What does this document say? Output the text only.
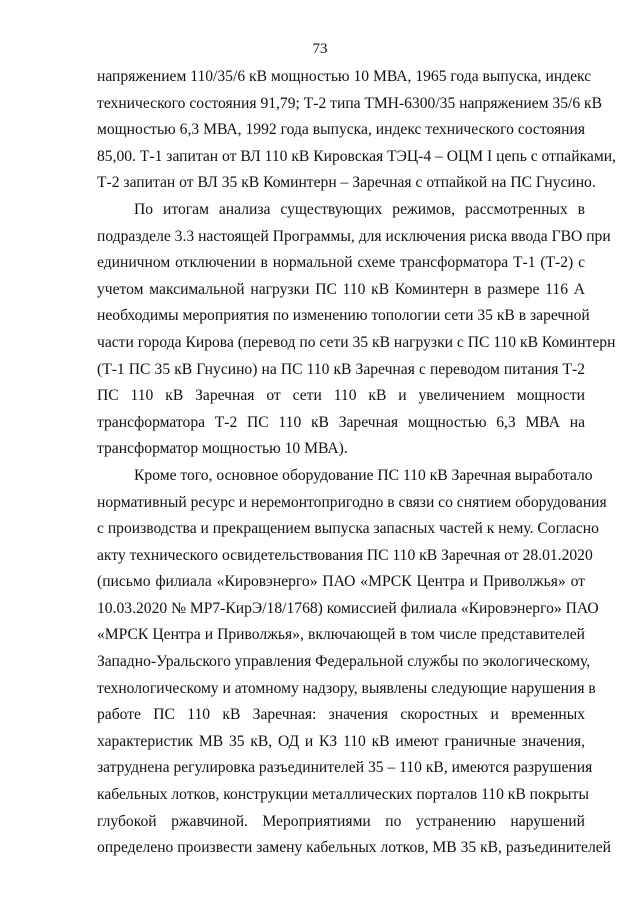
73

напряжением 110/35/6 кВ мощностью 10 МВА, 1965 года выпуска, индекс
технического состояния 91,79; Т-2 типа ТМН-6300/35 напряжением 35/6 кВ
мощностью 6,3 МВА, 1992 года выпуска, индекс технического состояния
85,00. Т-1 запитан от ВЛ 110 кВ Кировская ТЭЦ-4 – ОЦМ I цепь с отпайками,
Т-2 запитан от ВЛ 35 кВ Коминтерн – Заречная с отпайкой на ПС Гнусино.

По итогам анализа существующих режимов, рассмотренных в
подразделе 3.3 настоящей Программы, для исключения риска ввода ГВО при
единичном отключении в нормальной схеме трансформатора Т-1 (Т-2) с
учетом максимальной нагрузки ПС 110 кВ Коминтерн в размере 116 А
необходимы мероприятия по изменению топологии сети 35 кВ в заречной
части города Кирова (перевод по сети 35 кВ нагрузки с ПС 110 кВ Коминтерн
(Т-1 ПС 35 кВ Гнусино) на ПС 110 кВ Заречная с переводом питания Т-2
ПС 110 кВ Заречная от сети 110 кВ и увеличением мощности
трансформатора Т-2 ПС 110 кВ Заречная мощностью 6,3 МВА на
трансформатор мощностью 10 МВА).

Кроме того, основное оборудование ПС 110 кВ Заречная выработало
нормативный ресурс и неремонтопригодно в связи со снятием оборудования
с производства и прекращением выпуска запасных частей к нему. Согласно
акту технического освидетельствования ПС 110 кВ Заречная от 28.01.2020
(письмо филиала «Кировэнерго» ПАО «МРСК Центра и Приволжья» от
10.03.2020 № МР7-КирЭ/18/1768) комиссией филиала «Кировэнерго» ПАО
«МРСК Центра и Приволжья», включающей в том числе представителей
Западно-Уральского управления Федеральной службы по экологическому,
технологическому и атомному надзору, выявлены следующие нарушения в
работе ПС 110 кВ Заречная: значения скоростных и временных
характеристик МВ 35 кВ, ОД и КЗ 110 кВ имеют граничные значения,
затруднена регулировка разъединителей 35 – 110 кВ, имеются разрушения
кабельных лотков, конструкции металлических порталов 110 кВ покрыты
глубокой ржавчиной. Мероприятиями по устранению нарушений
определено произвести замену кабельных лотков, МВ 35 кВ, разъединителей
